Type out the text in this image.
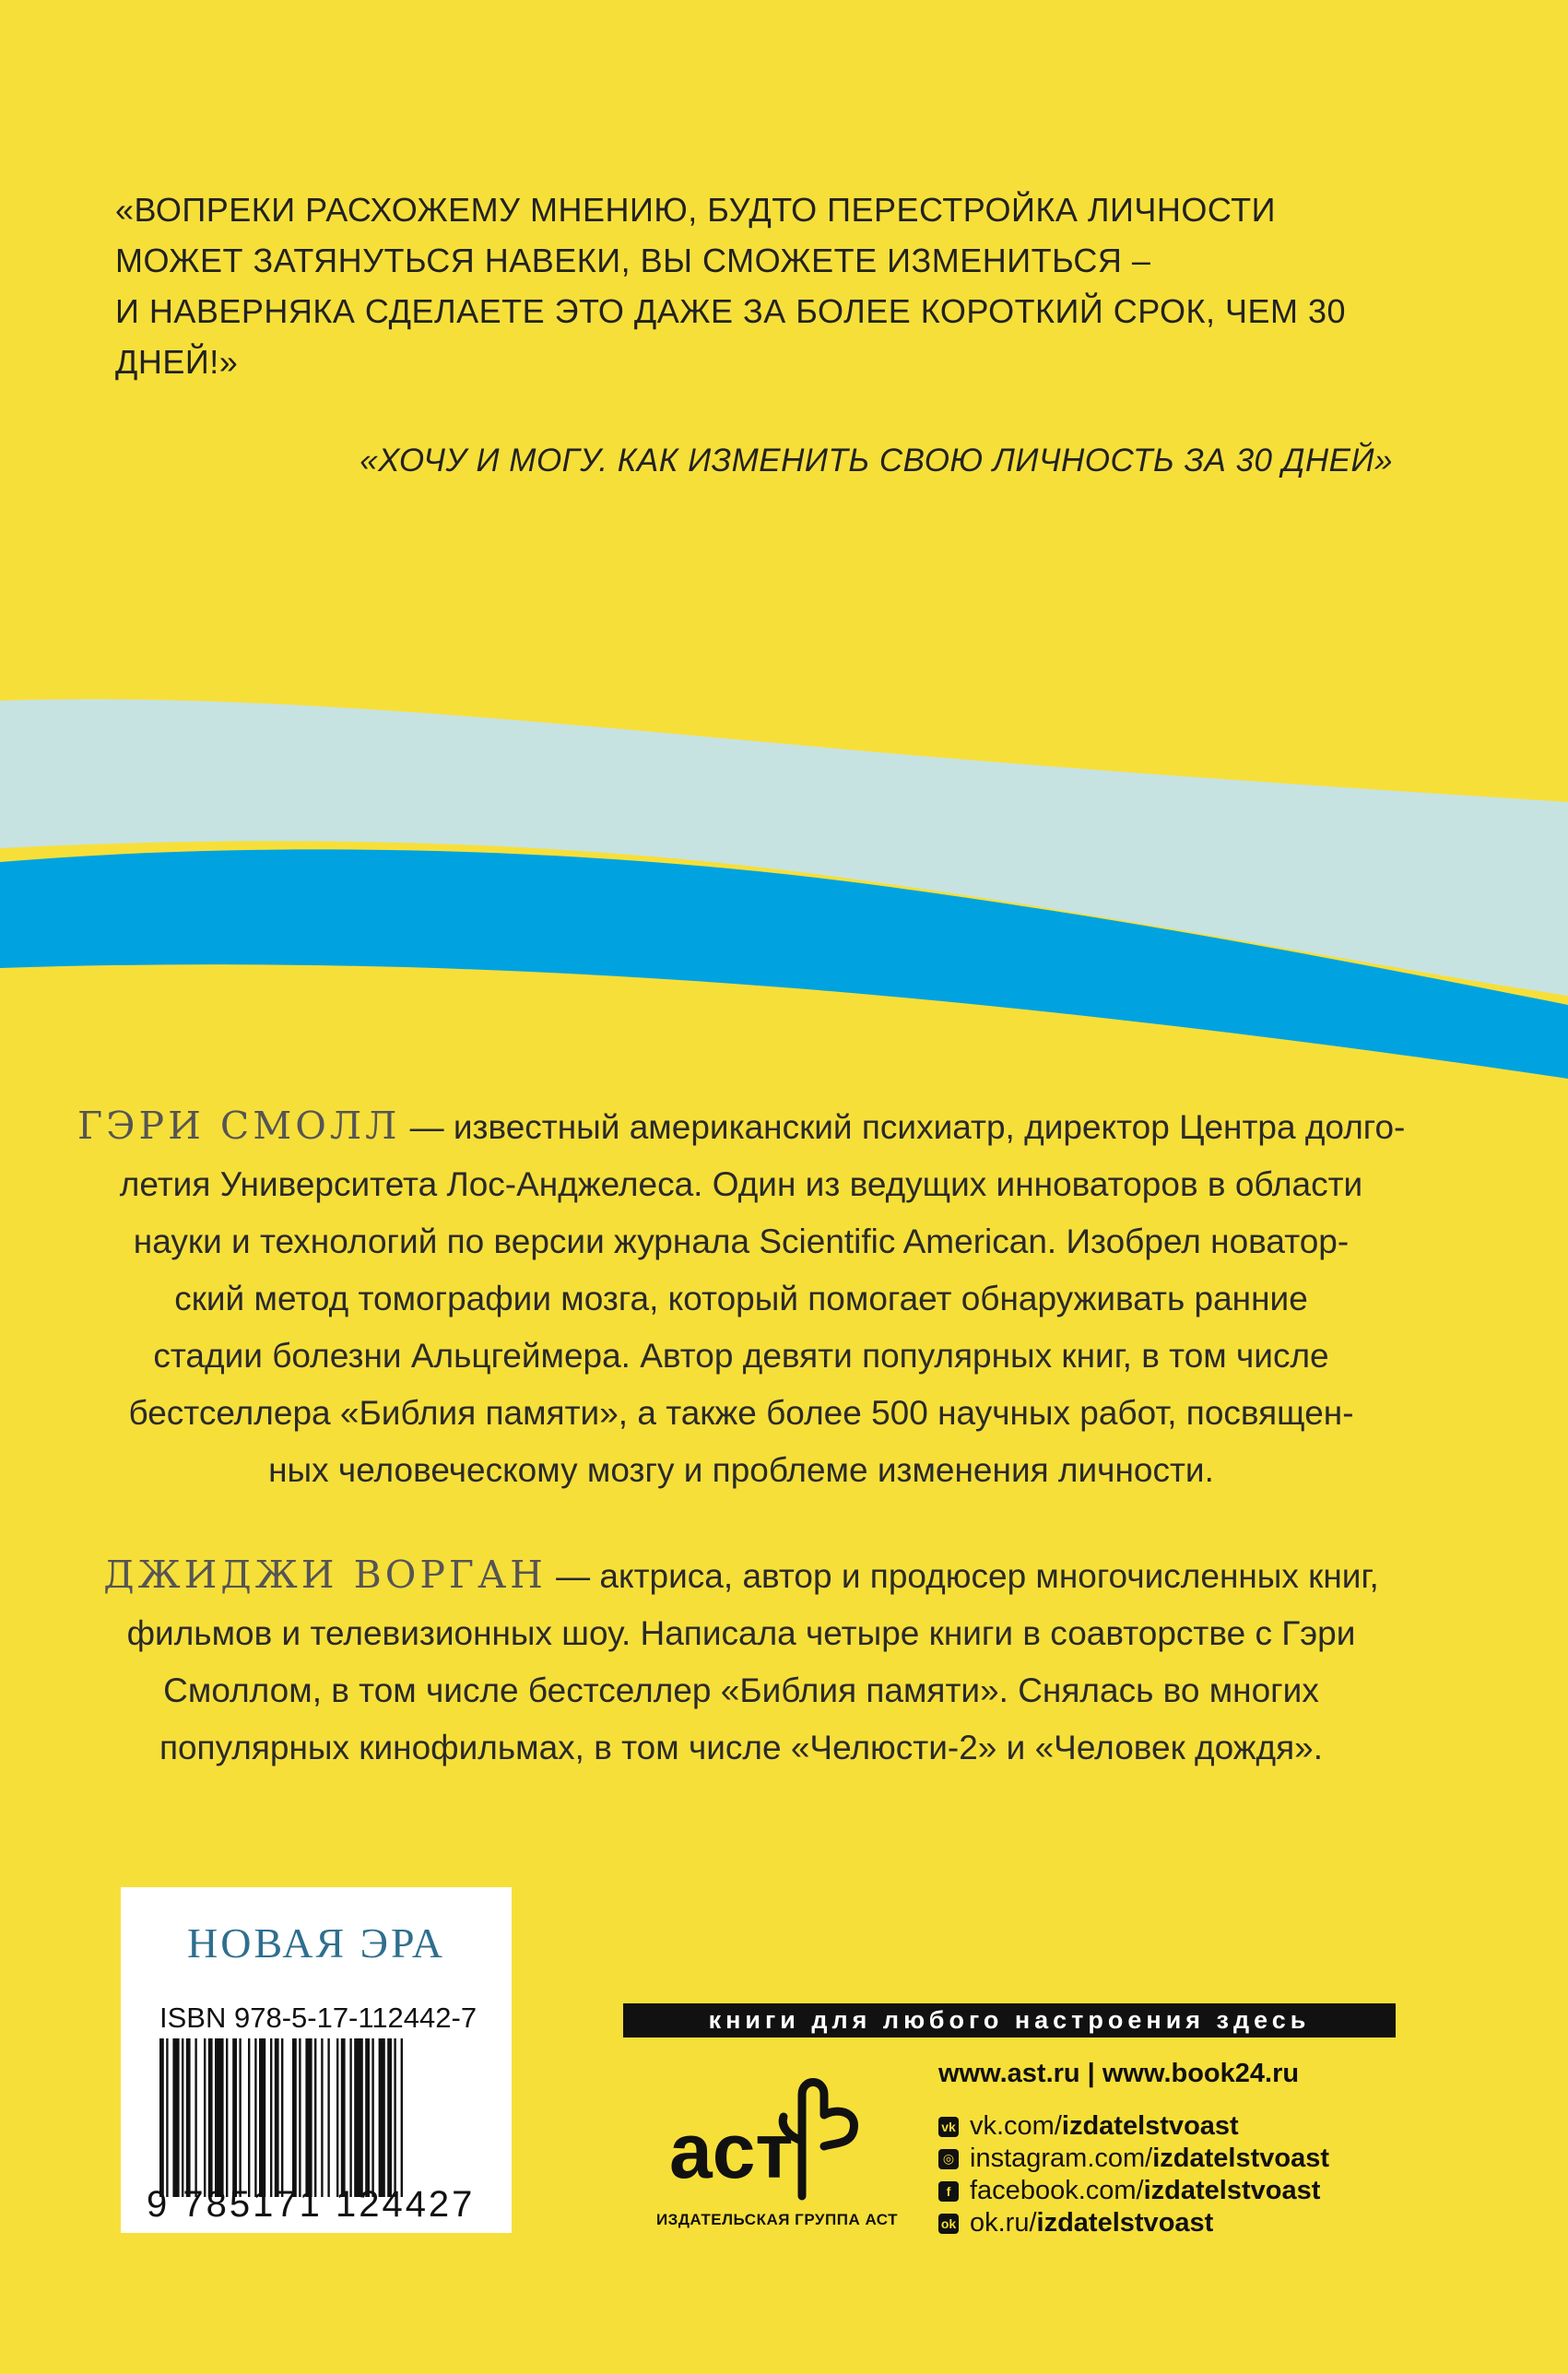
«ВОПРЕКИ РАСХОЖЕМУ МНЕНИЮ, БУДТО ПЕРЕСТРОЙКА ЛИЧНОСТИ
МОЖЕТ ЗАТЯНУТЬСЯ НАВЕКИ, ВЫ СМОЖЕТЕ ИЗМЕНИТЬСЯ –
И НАВЕРНЯКА СДЕЛАЕТЕ ЭТО ДАЖЕ ЗА БОЛЕЕ КОРОТКИЙ СРОК, ЧЕМ 30
ДНЕЙ!»
«ХОЧУ И МОГУ. КАК ИЗМЕНИТЬ СВОЮ ЛИЧНОСТЬ ЗА 30 ДНЕЙ»
ГЭРИ СМОЛЛ — известный американский психиатр, директор Центра долго-
летия Университета Лос-Анджелеса. Один из ведущих инноваторов в области
науки и технологий по версии журнала Scientific American. Изобрел новатор-
ский метод томографии мозга, который помогает обнаруживать ранние
стадии болезни Альцгеймера. Автор девяти популярных книг, в том числе
бестселлера «Библия памяти», а также более 500 научных работ, посвящен-
ных человеческому мозгу и проблеме изменения личности.
ДЖИДЖИ ВОРГАН — актриса, автор и продюсер многочисленных книг,
фильмов и телевизионных шоу. Написала четыре книги в соавторстве с Гэри
Смоллом, в том числе бестселлер «Библия памяти». Снялась во многих
популярных кинофильмах, в том числе «Челюсти-2» и «Человек дождя».
НОВАЯ ЭРА
ISBN 978-5-17-112442-7
9 785171 124427
книги для любого настроения здесь
аст
ИЗДАТЕЛЬСКАЯ ГРУППА АСТ
www.ast.ru | www.book24.ru
vk vk.com/ izdatelstvoast
◎ instagram.com/ izdatelstvoast
f facebook.com/ izdatelstvoast
ok ok.ru/ izdatelstvoast
